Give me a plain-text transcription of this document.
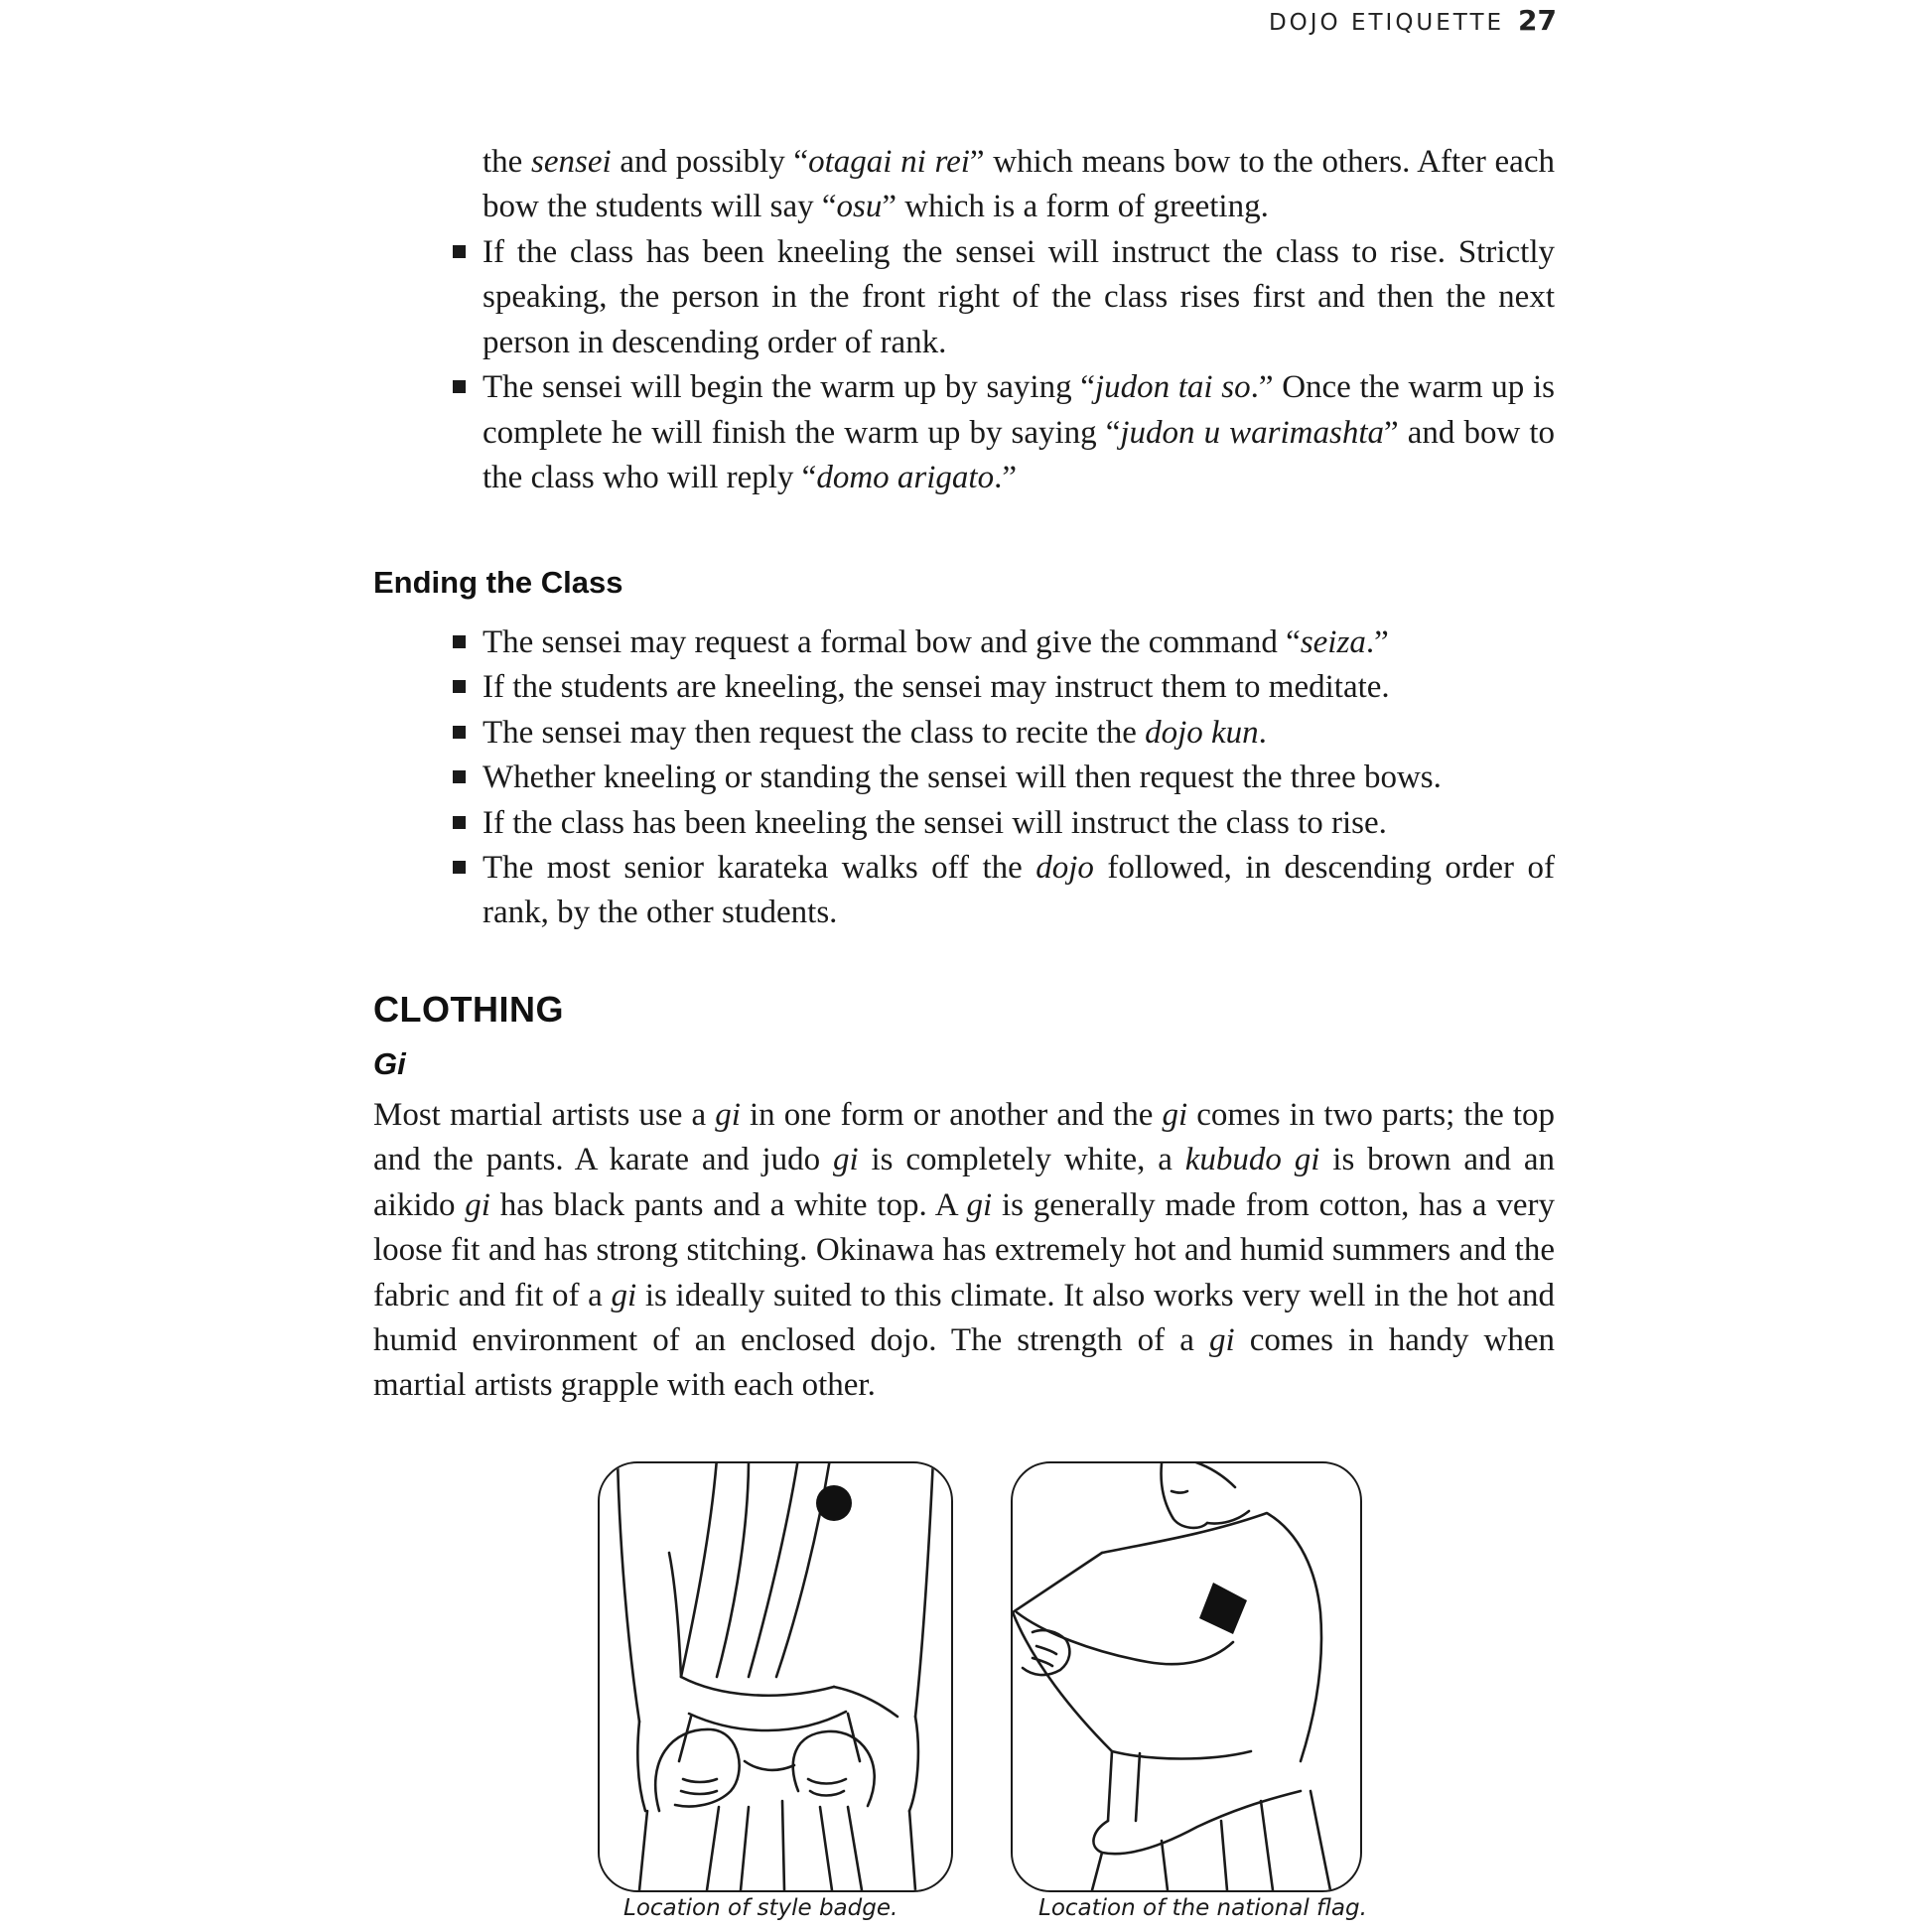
DOJO ETIQUETTE 27
the sensei and possibly “otagai ni rei” which means bow to the others. After each bow the students will say “osu” which is a form of greeting.
If the class has been kneeling the sensei will instruct the class to rise. Strictly speaking, the person in the front right of the class rises first and then the next person in descending order of rank.
The sensei will begin the warm up by saying “judon tai so.” Once the warm up is complete he will finish the warm up by saying “judon u warimashta” and bow to the class who will reply “domo arigato.”
Ending the Class
The sensei may request a formal bow and give the command “seiza.”
If the students are kneeling, the sensei may instruct them to meditate.
The sensei may then request the class to recite the dojo kun.
Whether kneeling or standing the sensei will then request the three bows.
If the class has been kneeling the sensei will instruct the class to rise.
The most senior karateka walks off the dojo followed, in descending order of rank, by the other students.
CLOTHING
Gi
Most martial artists use a gi in one form or another and the gi comes in two parts; the top and the pants. A karate and judo gi is completely white, a kubudo gi is brown and an aikido gi has black pants and a white top. A gi is generally made from cotton, has a very loose fit and has strong stitching. Okinawa has extremely hot and humid summers and the fabric and fit of a gi is ideally suited to this climate. It also works very well in the hot and humid environment of an enclosed dojo. The strength of a gi comes in handy when martial artists grapple with each other.
Location of style badge.	Location of the national flag.
